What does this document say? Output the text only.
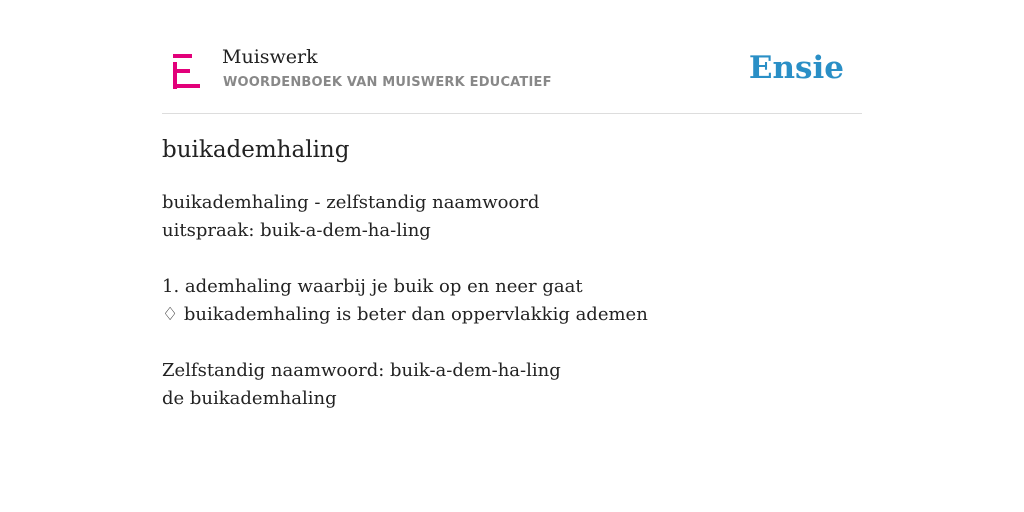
Muiswerk
WOORDENBOEK VAN MUISWERK EDUCATIEF	Ensie
buikademhaling
buikademhaling - zelfstandig naamwoord
uitspraak: buik-a-dem-ha-ling
1. ademhaling waarbij je buik op en neer gaat
♢ buikademhaling is beter dan oppervlakkig ademen
Zelfstandig naamwoord: buik-a-dem-ha-ling
de buikademhaling
